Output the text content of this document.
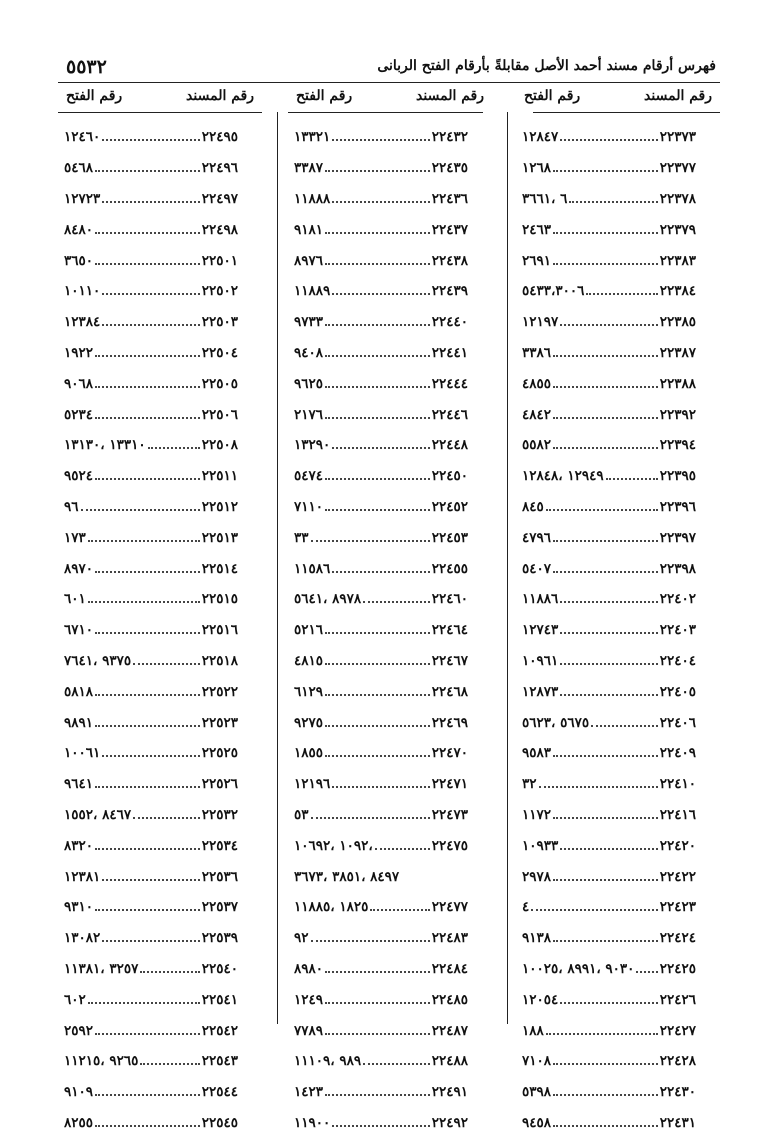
٥٥٣٢	فهرس أرقام مسند أحمد الأصل مقابلةً بأرقام الفتح الربانى
رقم المسند
رقم الفتح
٢٢٣٧٣
١٢٨٤٧
٢٢٣٧٧
١٢٦٨
٢٢٣٧٨
٦ ،٣٦٦١
٢٢٣٧٩
٢٤٦٣
٢٢٣٨٣
٢٦٩١
٢٢٣٨٤
٥٤٣٣،٣٠٠٦
٢٢٣٨٥
١٢١٩٧
٢٢٣٨٧
٣٣٨٦
٢٢٣٨٨
٤٨٥٥
٢٢٣٩٢
٤٨٤٢
٢٢٣٩٤
٥٥٨٢
٢٢٣٩٥
١٢٩٤٩ ،١٢٨٤٨
٢٢٣٩٦
٨٤٥
٢٢٣٩٧
٤٧٩٦
٢٢٣٩٨
٥٤٠٧
٢٢٤٠٢
١١٨٨٦
٢٢٤٠٣
١٢٧٤٣
٢٢٤٠٤
١٠٩٦١
٢٢٤٠٥
١٢٨٧٣
٢٢٤٠٦
٥٦٧٥ ،٥٦٢٣
٢٢٤٠٩
٩٥٨٣
٢٢٤١٠
٣٢
٢٢٤١٦
١١٧٢
٢٢٤٢٠
١٠٩٣٣
٢٢٤٢٢
٢٩٧٨
٢٢٤٢٣
٤
٢٢٤٢٤
٩١٣٨
٢٢٤٢٥
٩٠٣٠ ،٨٩٩١ ،١٠٠٢٥
٢٢٤٢٦
١٢٠٥٤
٢٢٤٢٧
١٨٨
٢٢٤٢٨
٧١٠٨
٢٢٤٣٠
٥٣٩٨
٢٢٤٣١
٩٤٥٨
رقم المسند
رقم الفتح
٢٢٤٣٢
١٣٣٢١
٢٢٤٣٥
٣٣٨٧
٢٢٤٣٦
١١٨٨٨
٢٢٤٣٧
٩١٨١
٢٢٤٣٨
٨٩٧٦
٢٢٤٣٩
١١٨٨٩
٢٢٤٤٠
٩٧٣٣
٢٢٤٤١
٩٤٠٨
٢٢٤٤٤
٩٦٢٥
٢٢٤٤٦
٢١٧٦
٢٢٤٤٨
١٣٢٩٠
٢٢٤٥٠
٥٤٧٤
٢٢٤٥٢
٧١١٠
٢٢٤٥٣
٣٣
٢٢٤٥٥
١١٥٨٦
٢٢٤٦٠
٨٩٧٨ ،٥٦٤١
٢٢٤٦٤
٥٢١٦
٢٢٤٦٧
٤٨١٥
٢٢٤٦٨
٦١٢٩
٢٢٤٦٩
٩٢٧٥
٢٢٤٧٠
١٨٥٥
٢٢٤٧١
١٢١٩٦
٢٢٤٧٣
٥٣
٢٢٤٧٥
،١٠٩٢ ،١٠٦٩٢
٨٤٩٧ ،٣٨٥١ ،٣٦٧٣
٢٢٤٧٧
١٨٢٥ ،١١٨٨٥
٢٢٤٨٣
٩٢
٢٢٤٨٤
٨٩٨٠
٢٢٤٨٥
١٢٤٩
٢٢٤٨٧
٧٧٨٩
٢٢٤٨٨
٩٨٩ ،١١١٠٩
٢٢٤٩١
١٤٢٣
٢٢٤٩٢
١١٩٠٠
رقم المسند
رقم الفتح
٢٢٤٩٥
١٢٤٦٠
٢٢٤٩٦
٥٤٦٨
٢٢٤٩٧
١٢٧٢٣
٢٢٤٩٨
٨٤٨٠
٢٢٥٠١
٣٦٥٠
٢٢٥٠٢
١٠١١٠
٢٢٥٠٣
١٢٣٨٤
٢٢٥٠٤
١٩٢٢
٢٢٥٠٥
٩٠٦٨
٢٢٥٠٦
٥٢٣٤
٢٢٥٠٨
١٣٣١٠ ،١٣١٣٠
٢٢٥١١
٩٥٢٤
٢٢٥١٢
٩٦
٢٢٥١٣
١٧٣
٢٢٥١٤
٨٩٧٠
٢٢٥١٥
٦٠١
٢٢٥١٦
٦٧١٠
٢٢٥١٨
٩٣٧٥ ،٧٦٤١
٢٢٥٢٢
٥٨١٨
٢٢٥٢٣
٩٨٩١
٢٢٥٢٥
١٠٠٦١
٢٢٥٢٦
٩٦٤١
٢٢٥٣٢
٨٤٦٧ ،١٥٥٢
٢٢٥٣٤
٨٣٢٠
٢٢٥٣٦
١٢٣٨١
٢٢٥٣٧
٩٣١٠
٢٢٥٣٩
١٣٠٨٢
٢٢٥٤٠
٣٢٥٧ ،١١٣٨١
٢٢٥٤١
٦٠٢
٢٢٥٤٢
٢٥٩٢
٢٢٥٤٣
٩٢٦٥ ،١١٢١٥
٢٢٥٤٤
٩١٠٩
٢٢٥٤٥
٨٢٥٥
